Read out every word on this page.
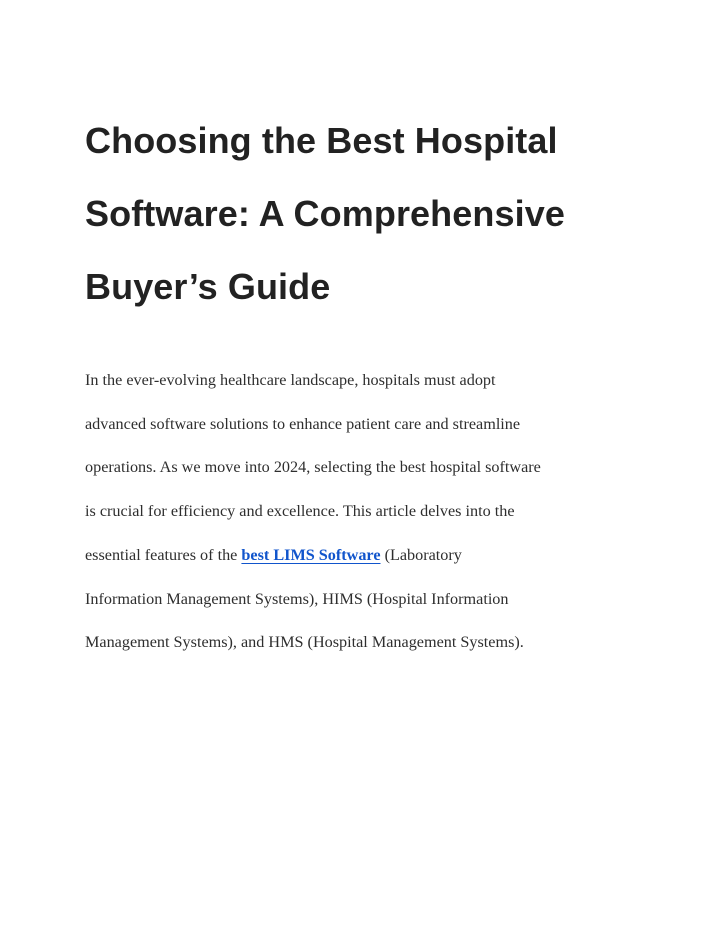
Choosing the Best Hospital
Software: A Comprehensive
Buyer’s Guide

In the ever-evolving healthcare landscape, hospitals must adopt
advanced software solutions to enhance patient care and streamline
operations. As we move into 2024, selecting the best hospital software
is crucial for efficiency and excellence. This article delves into the
essential features of the best LIMS Software (Laboratory
Information Management Systems), HIMS (Hospital Information
Management Systems), and HMS (Hospital Management Systems).
